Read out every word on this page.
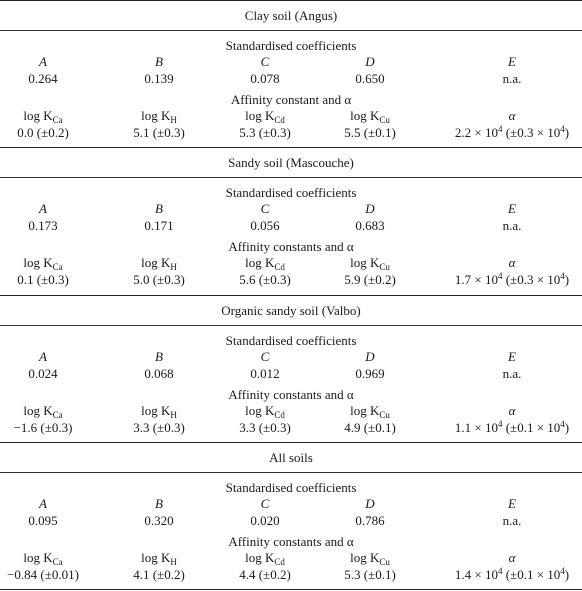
Clay soil (Angus)
Standardised coefficients
A	B	C	D	E
0.264	0.139	0.078	0.650	n.a.
Affinity constant and α
$\log K_{Ca}$	$\log K_H$	$\log K_{Cd}$	$\log K_{Cu}$	α
0.0 (±0.2)	5.1 (±0.3)	5.3 (±0.3)	5.5 (±0.1)	$2.2 \times 10^4$ $(\pm 0.3 \times 10^4)$
Sandy soil (Mascouche)
Standardised coefficients
A	B	C	D	E
0.173	0.171	0.056	0.683	n.a.
Affinity constants and α
$\log K_{Ca}$	$\log K_H$	$\log K_{Cd}$	$\log K_{Cu}$	α
0.1 (±0.3)	5.0 (±0.3)	5.6 (±0.3)	5.9 (±0.2)	$1.7 \times 10^4$ $(\pm 0.3 \times 10^4)$
Organic sandy soil (Valbo)
Standardised coefficients
A	B	C	D	E
0.024	0.068	0.012	0.969	n.a.
Affinity constants and α
$\log K_{Ca}$	$\log K_H$	$\log K_{Cd}$	$\log K_{Cu}$	α
−1.6 (±0.3)	3.3 (±0.3)	3.3 (±0.3)	4.9 (±0.1)	$1.1 \times 10^4$ $(\pm 0.1 \times 10^4)$
All soils
Standardised coefficients
A	B	C	D	E
0.095	0.320	0.020	0.786	n.a.
Affinity constants and α
$\log K_{Ca}$	$\log K_H$	$\log K_{Cd}$	$\log K_{Cu}$	α
−0.84 (±0.01)	4.1 (±0.2)	4.4 (±0.2)	5.3 (±0.1)	$1.4 \times 10^4$ $(\pm 0.1 \times 10^4)$
